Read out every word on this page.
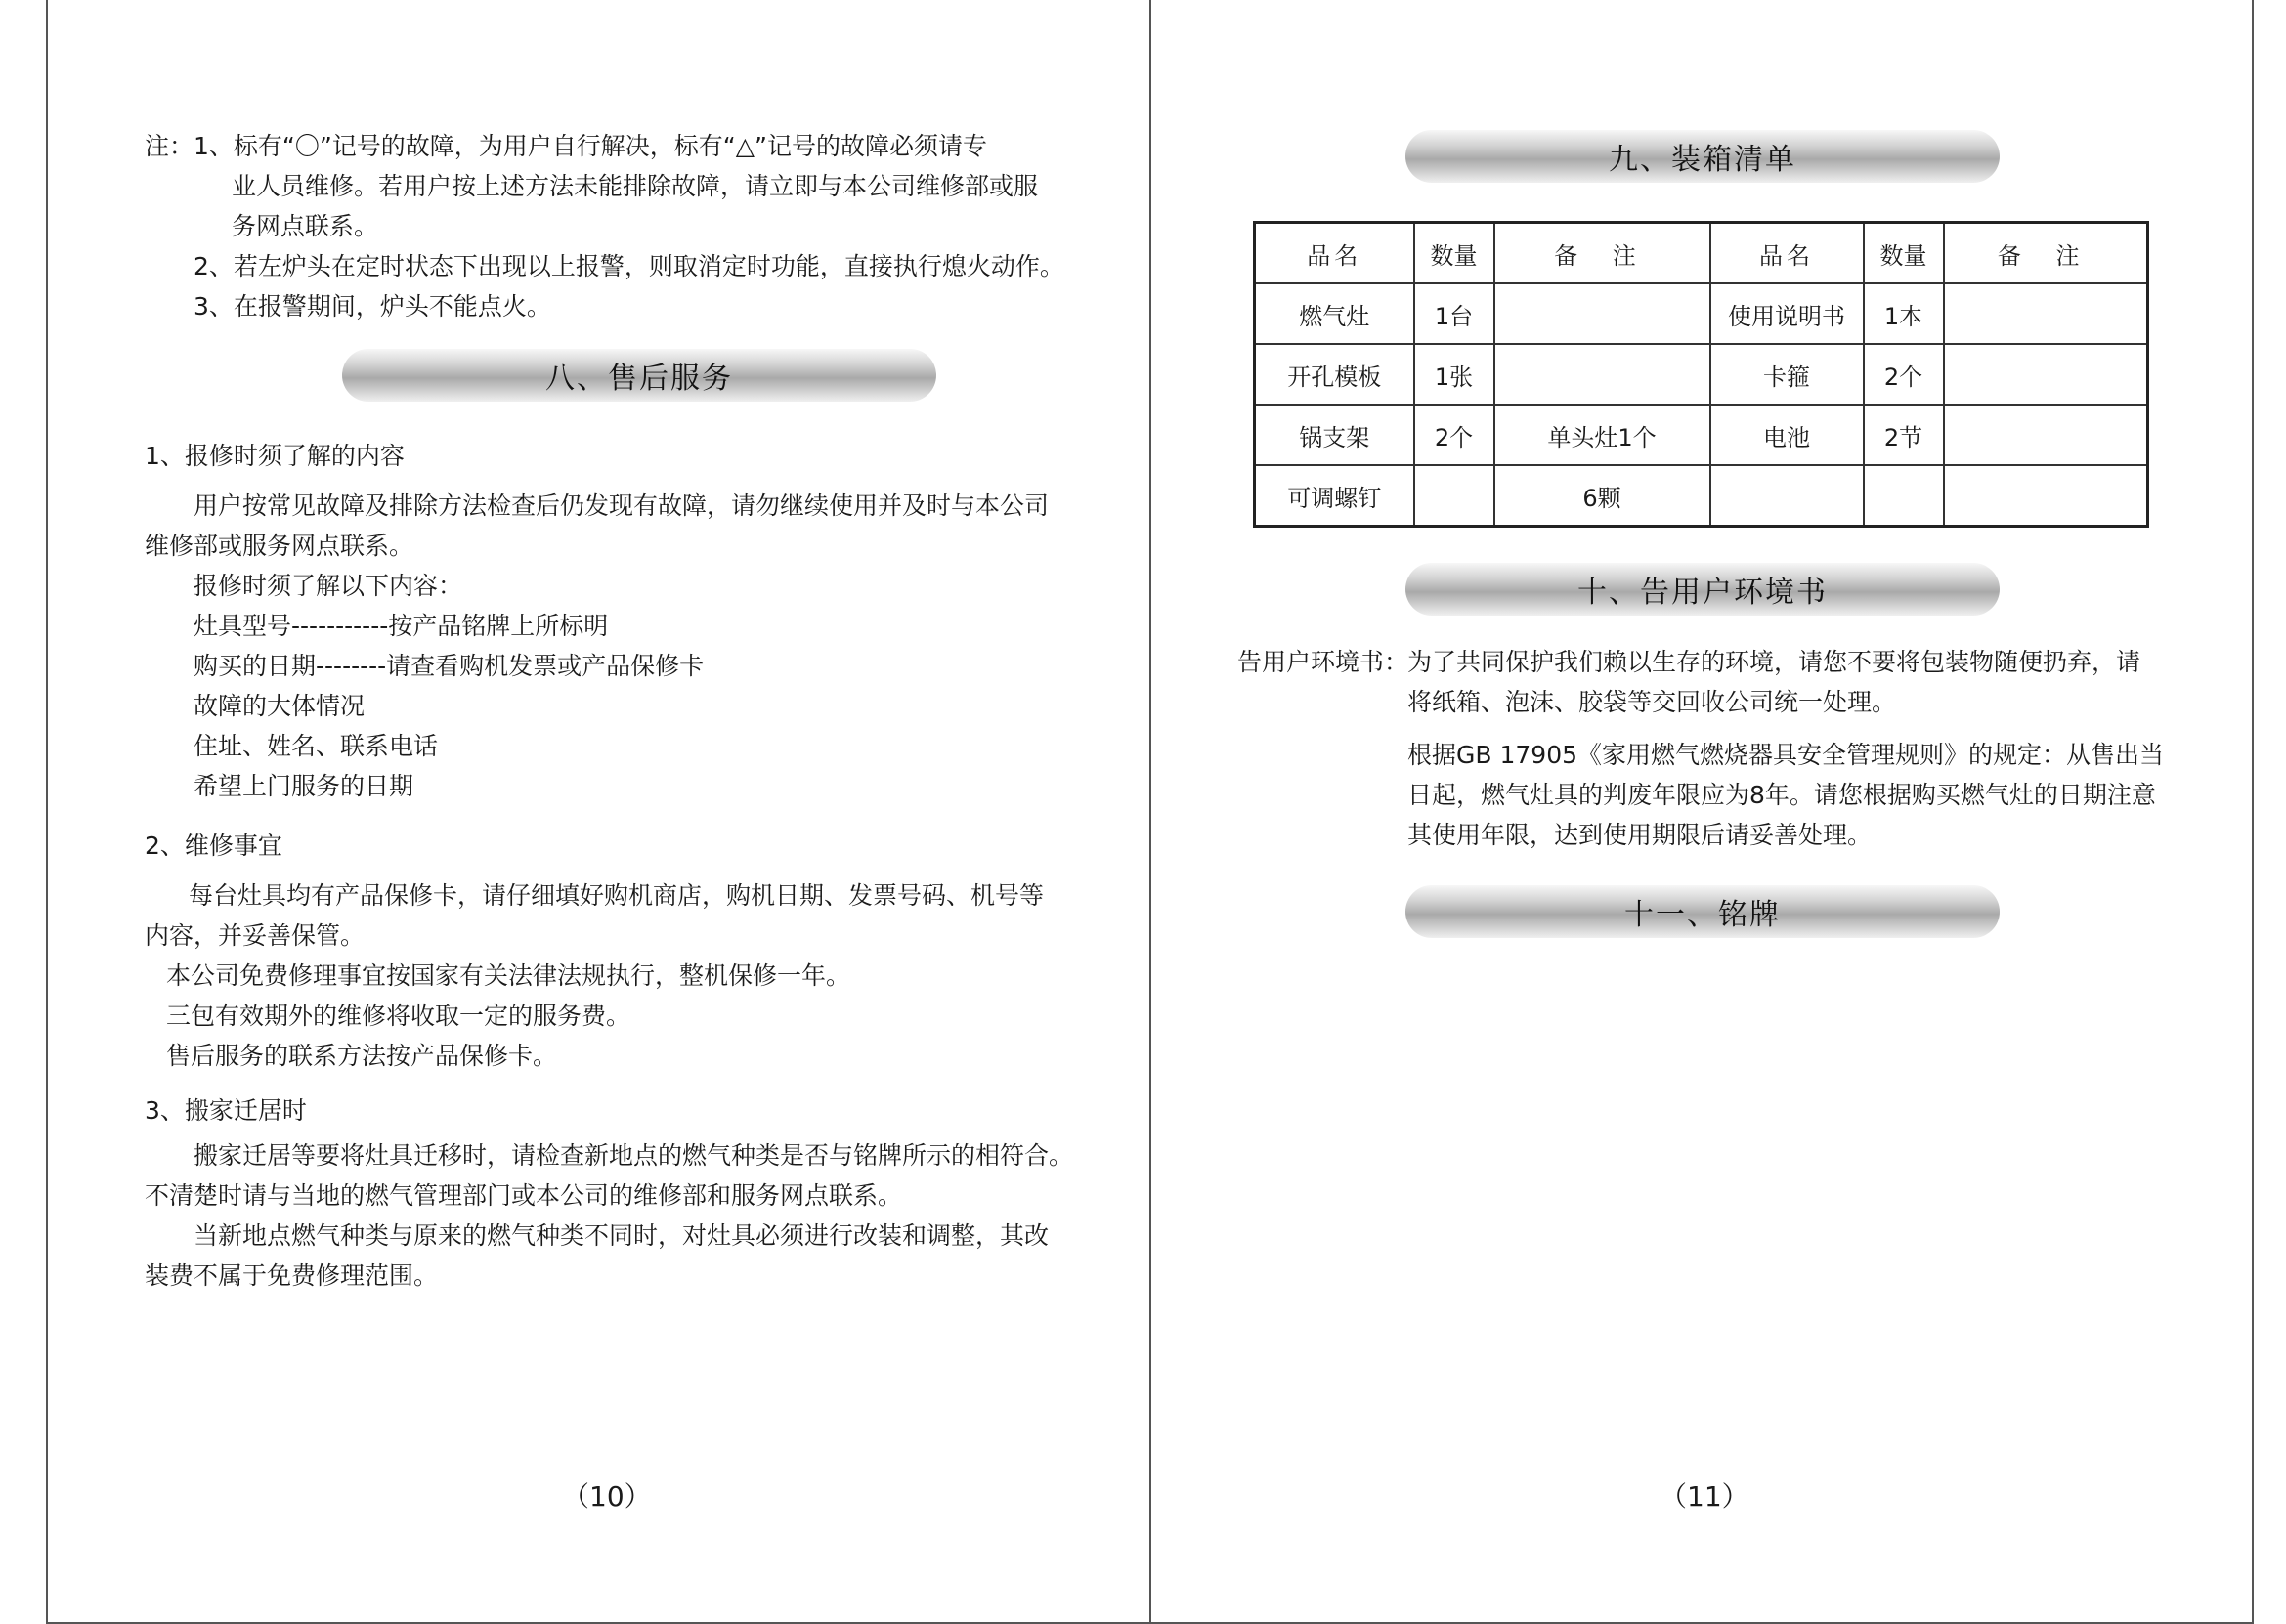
注：1、标有“〇”记号的故障，为用户自行解决，标有“△”记号的故障必须请专
业人员维修。若用户按上述方法未能排除故障，请立即与本公司维修部或服
务网点联系。
2、若左炉头在定时状态下出现以上报警，则取消定时功能，直接执行熄火动作。
3、在报警期间，炉头不能点火。
八、售后服务
1、报修时须了解的内容
用户按常见故障及排除方法检查后仍发现有故障，请勿继续使用并及时与本公司
维修部或服务网点联系。
报修时须了解以下内容：
灶具型号-----------按产品铭牌上所标明
购买的日期--------请查看购机发票或产品保修卡
故障的大体情况
住址、姓名、联系电话
希望上门服务的日期
2、维修事宜
每台灶具均有产品保修卡，请仔细填好购机商店，购机日期、发票号码、机号等
内容，并妥善保管。
本公司免费修理事宜按国家有关法律法规执行，整机保修一年。
三包有效期外的维修将收取一定的服务费。
售后服务的联系方法按产品保修卡。
3、搬家迁居时
搬家迁居等要将灶具迁移时，请检查新地点的燃气种类是否与铭牌所示的相符合。
不清楚时请与当地的燃气管理部门或本公司的维修部和服务网点联系。
当新地点燃气种类与原来的燃气种类不同时，对灶具必须进行改装和调整，其改
装费不属于免费修理范围。
（10）
九、装箱清单
品名	数量	备 注	品名	数量	备 注
燃气灶	1台		使用说明书	1本	
开孔模板	1张		卡箍	2个	
锅支架	2个	单头灶1个	电池	2节	
可调螺钉		6颗			
十、告用户环境书
告用户环境书：
为了共同保护我们赖以生存的环境，请您不要将包装物随便扔弃，请
将纸箱、泡沫、胶袋等交回收公司统一处理。
根据GB 17905《家用燃气燃烧器具安全管理规则》的规定：从售出当
日起，燃气灶具的判废年限应为8年。请您根据购买燃气灶的日期注意
其使用年限，达到使用期限后请妥善处理。
十一、铭牌
（11）
